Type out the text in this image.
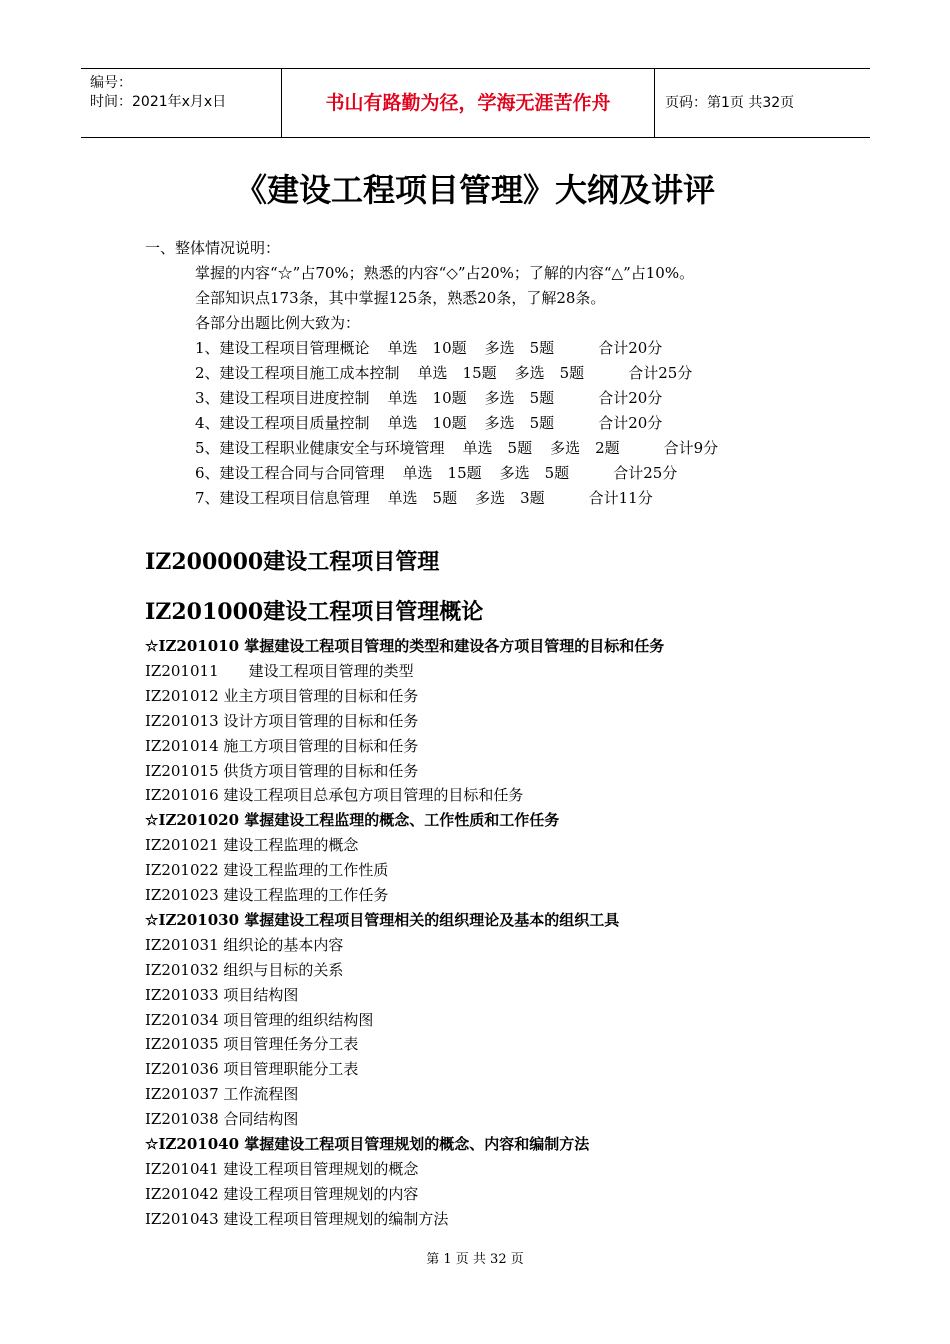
编号：
时间：2021年x月x日	书山有路勤为径，学海无涯苦作舟	页码：第1页 共32页
《建设工程项目管理》大纲及讲评
一、整体情况说明：
掌握的内容“☆”占70%；熟悉的内容“◇”占20%；了解的内容“△”占10%。
全部知识点173条，其中掌握125条，熟悉20条，了解28条。
各部分出题比例大致为：
1、建设工程项目管理概论 单选　10题 多选　5题	合计20分
2、建设工程项目施工成本控制 单选　15题 多选　5题	合计25分
3、建设工程项目进度控制 单选　10题 多选　5题	合计20分
4、建设工程项目质量控制 单选　10题 多选　5题	合计20分
5、建设工程职业健康安全与环境管理 单选　5题 多选　2题	合计9分
6、建设工程合同与合同管理 单选　15题 多选　5题	合计25分
7、建设工程项目信息管理 单选　5题 多选　3题	合计11分
IZ200000建设工程项目管理
IZ201000建设工程项目管理概论
☆IZ201010 掌握建设工程项目管理的类型和建设各方项目管理的目标和任务
IZ201011　　建设工程项目管理的类型
IZ201012 业主方项目管理的目标和任务
IZ201013 设计方项目管理的目标和任务
IZ201014 施工方项目管理的目标和任务
IZ201015 供货方项目管理的目标和任务
IZ201016 建设工程项目总承包方项目管理的目标和任务
☆IZ201020 掌握建设工程监理的概念、工作性质和工作任务
IZ201021 建设工程监理的概念
IZ201022 建设工程监理的工作性质
IZ201023 建设工程监理的工作任务
☆IZ201030 掌握建设工程项目管理相关的组织理论及基本的组织工具
IZ201031 组织论的基本内容
IZ201032 组织与目标的关系
IZ201033 项目结构图
IZ201034 项目管理的组织结构图
IZ201035 项目管理任务分工表
IZ201036 项目管理职能分工表
IZ201037 工作流程图
IZ201038 合同结构图
☆IZ201040 掌握建设工程项目管理规划的概念、内容和编制方法
IZ201041 建设工程项目管理规划的概念
IZ201042 建设工程项目管理规划的内容
IZ201043 建设工程项目管理规划的编制方法
第 1 页 共 32 页
